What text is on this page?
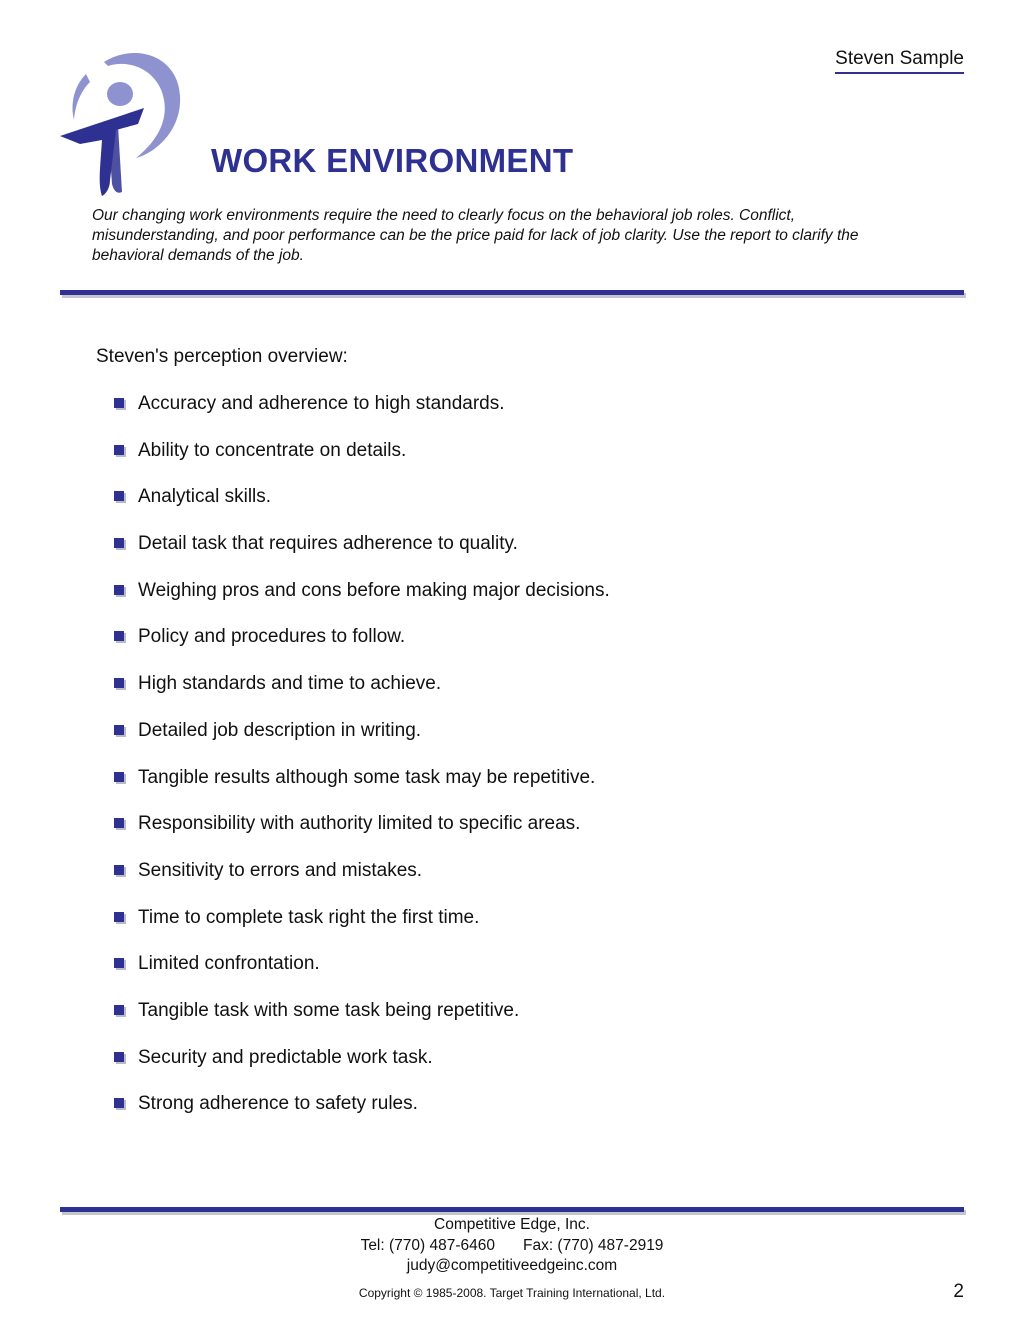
Steven Sample
WORK ENVIRONMENT
Our changing work environments require the need to clearly focus on the behavioral job roles. Conflict, misunderstanding, and poor performance can be the price paid for lack of job clarity. Use the report to clarify the behavioral demands of the job.
Steven's perception overview:
Accuracy and adherence to high standards.
Ability to concentrate on details.
Analytical skills.
Detail task that requires adherence to quality.
Weighing pros and cons before making major decisions.
Policy and procedures to follow.
High standards and time to achieve.
Detailed job description in writing.
Tangible results although some task may be repetitive.
Responsibility with authority limited to specific areas.
Sensitivity to errors and mistakes.
Time to complete task right the first time.
Limited confrontation.
Tangible task with some task being repetitive.
Security and predictable work task.
Strong adherence to safety rules.
Competitive Edge, Inc.
Tel: (770) 487-6460 Fax: (770) 487-2919
judy@competitiveedgeinc.com
Copyright © 1985-2008. Target Training International, Ltd.	2
